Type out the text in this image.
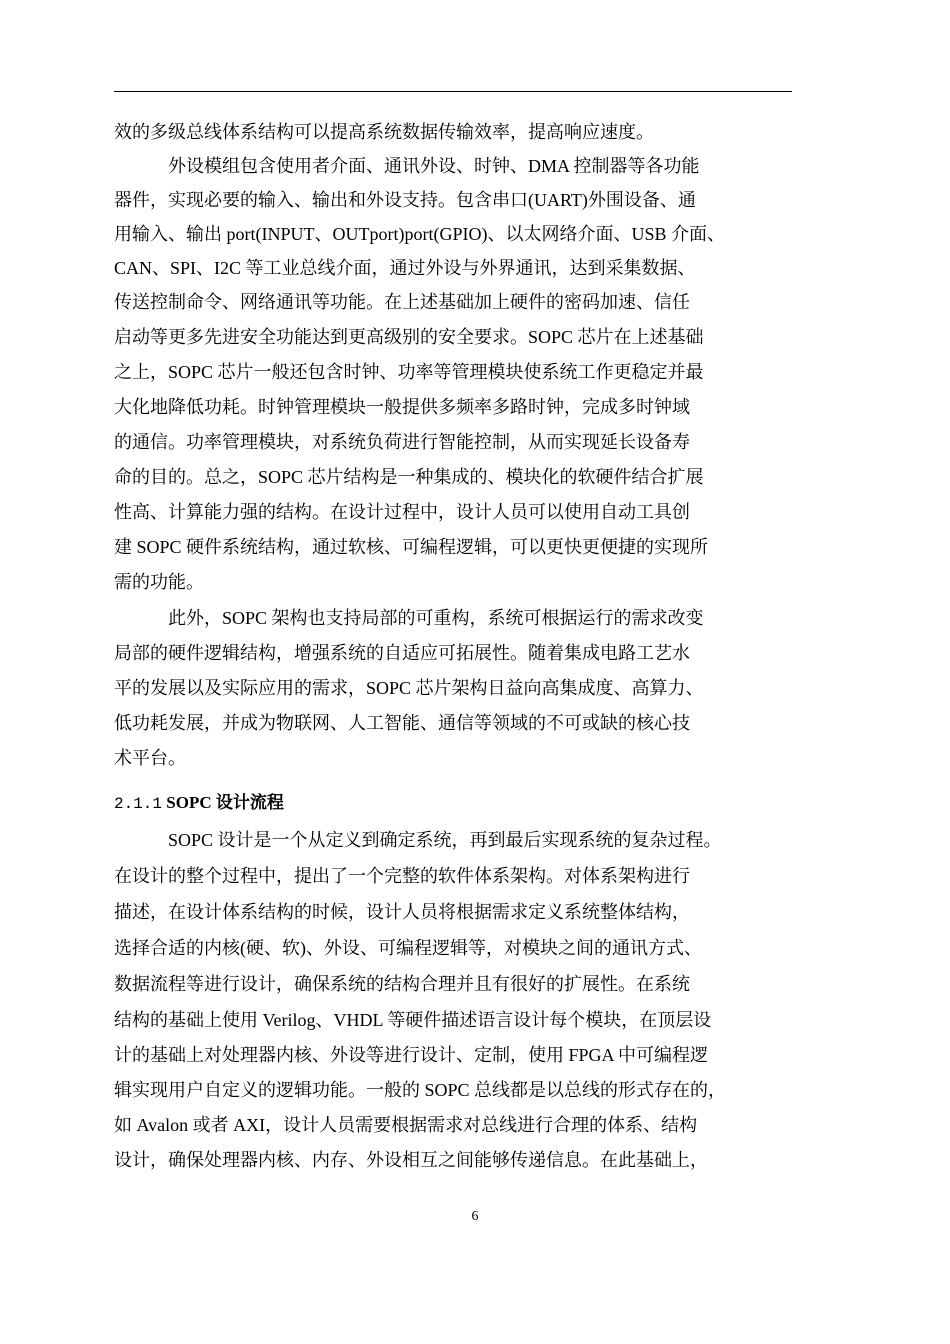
效的多级总线体系结构可以提高系统数据传输效率，提高响应速度。
外设模组包含使用者介面、通讯外设、时钟、DMA 控制器等各功能
器件，实现必要的输入、输出和外设支持。包含串口(UART)外围设备、通
用输入、输出 port(INPUT、OUTport)port(GPIO)、以太网络介面、USB 介面、
CAN、SPI、I2C 等工业总线介面，通过外设与外界通讯，达到采集数据、
传送控制命令、网络通讯等功能。在上述基础加上硬件的密码加速、信任
启动等更多先进安全功能达到更高级别的安全要求。SOPC 芯片在上述基础
之上，SOPC 芯片一般还包含时钟、功率等管理模块使系统工作更稳定并最
大化地降低功耗。时钟管理模块一般提供多频率多路时钟，完成多时钟域
的通信。功率管理模块，对系统负荷进行智能控制，从而实现延长设备寿
命的目的。总之，SOPC 芯片结构是一种集成的、模块化的软硬件结合扩展
性高、计算能力强的结构。在设计过程中，设计人员可以使用自动工具创
建 SOPC 硬件系统结构，通过软核、可编程逻辑，可以更快更便捷的实现所
需的功能。
此外，SOPC 架构也支持局部的可重构，系统可根据运行的需求改变
局部的硬件逻辑结构，增强系统的自适应可拓展性。随着集成电路工艺水
平的发展以及实际应用的需求，SOPC 芯片架构日益向高集成度、高算力、
低功耗发展，并成为物联网、人工智能、通信等领域的不可或缺的核心技
术平台。
2.1.1 SOPC 设计流程
SOPC 设计是一个从定义到确定系统，再到最后实现系统的复杂过程。
在设计的整个过程中，提出了一个完整的软件体系架构。对体系架构进行
描述，在设计体系结构的时候，设计人员将根据需求定义系统整体结构，
选择合适的内核(硬、软)、外设、可编程逻辑等，对模块之间的通讯方式、
数据流程等进行设计，确保系统的结构合理并且有很好的扩展性。在系统
结构的基础上使用 Verilog、VHDL 等硬件描述语言设计每个模块，在顶层设
计的基础上对处理器内核、外设等进行设计、定制，使用 FPGA 中可编程逻
辑实现用户自定义的逻辑功能。一般的 SOPC 总线都是以总线的形式存在的，
如 Avalon 或者 AXI，设计人员需要根据需求对总线进行合理的体系、结构
设计，确保处理器内核、内存、外设相互之间能够传递信息。在此基础上，
6
